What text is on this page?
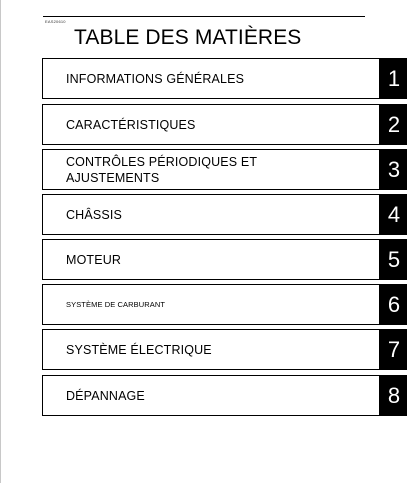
EAS20610
TABLE DES MATIÈRES
INFORMATIONS GÉNÉRALES	1
CARACTÉRISTIQUES	2
CONTRÔLES PÉRIODIQUES ET AJUSTEMENTS	3
CHÂSSIS	4
MOTEUR	5
SYSTÈME DE CARBURANT	6
SYSTÈME ÉLECTRIQUE	7
DÉPANNAGE	8
